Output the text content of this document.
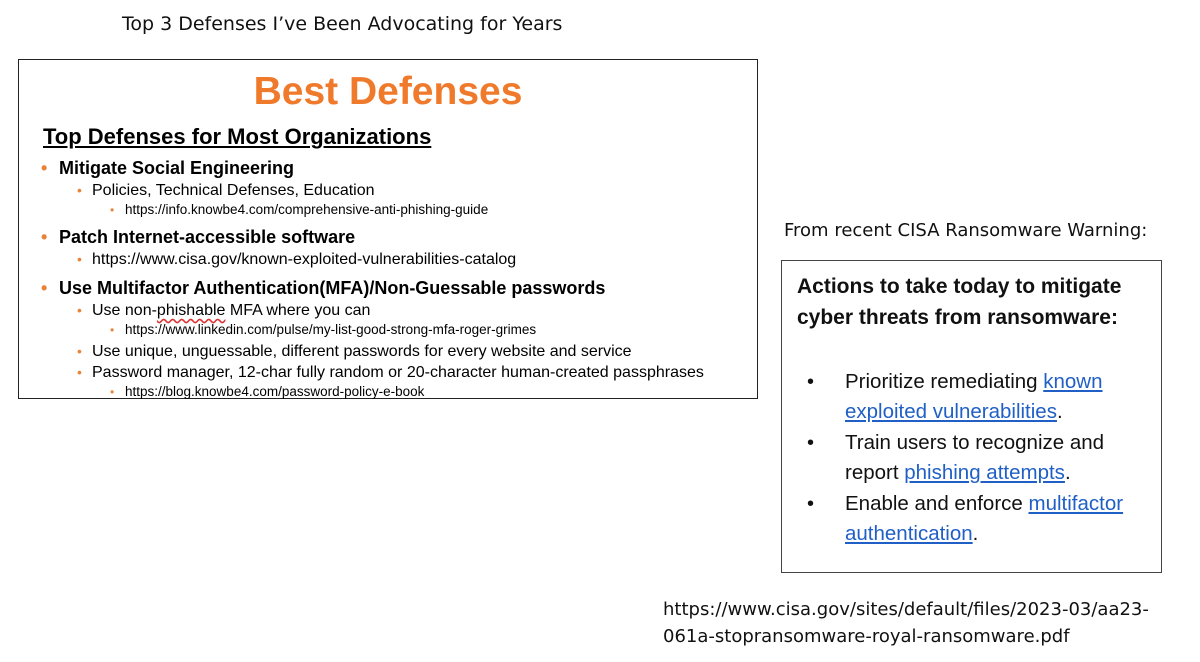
Top 3 Defenses I’ve Been Advocating for Years
Best Defenses
Top Defenses for Most Organizations
• Mitigate Social Engineering
• Policies, Technical Defenses, Education
• https://info.knowbe4.com/comprehensive-anti-phishing-guide
• Patch Internet-accessible software
• https://www.cisa.gov/known-exploited-vulnerabilities-catalog
• Use Multifactor Authentication(MFA)/Non-Guessable passwords
• Use non-phishable MFA where you can
• https://www.linkedin.com/pulse/my-list-good-strong-mfa-roger-grimes
• Use unique, unguessable, different passwords for every website and service
• Password manager, 12-char fully random or 20-character human-created passphrases
• https://blog.knowbe4.com/password-policy-e-book
From recent CISA Ransomware Warning:
Actions to take today to mitigate cyber threats from ransomware:
• Prioritize remediating known exploited vulnerabilities.
• Train users to recognize and report phishing attempts.
• Enable and enforce multifactor authentication.
https://www.cisa.gov/sites/default/files/2023-03/aa23-061a-stopransomware-royal-ransomware.pdf
